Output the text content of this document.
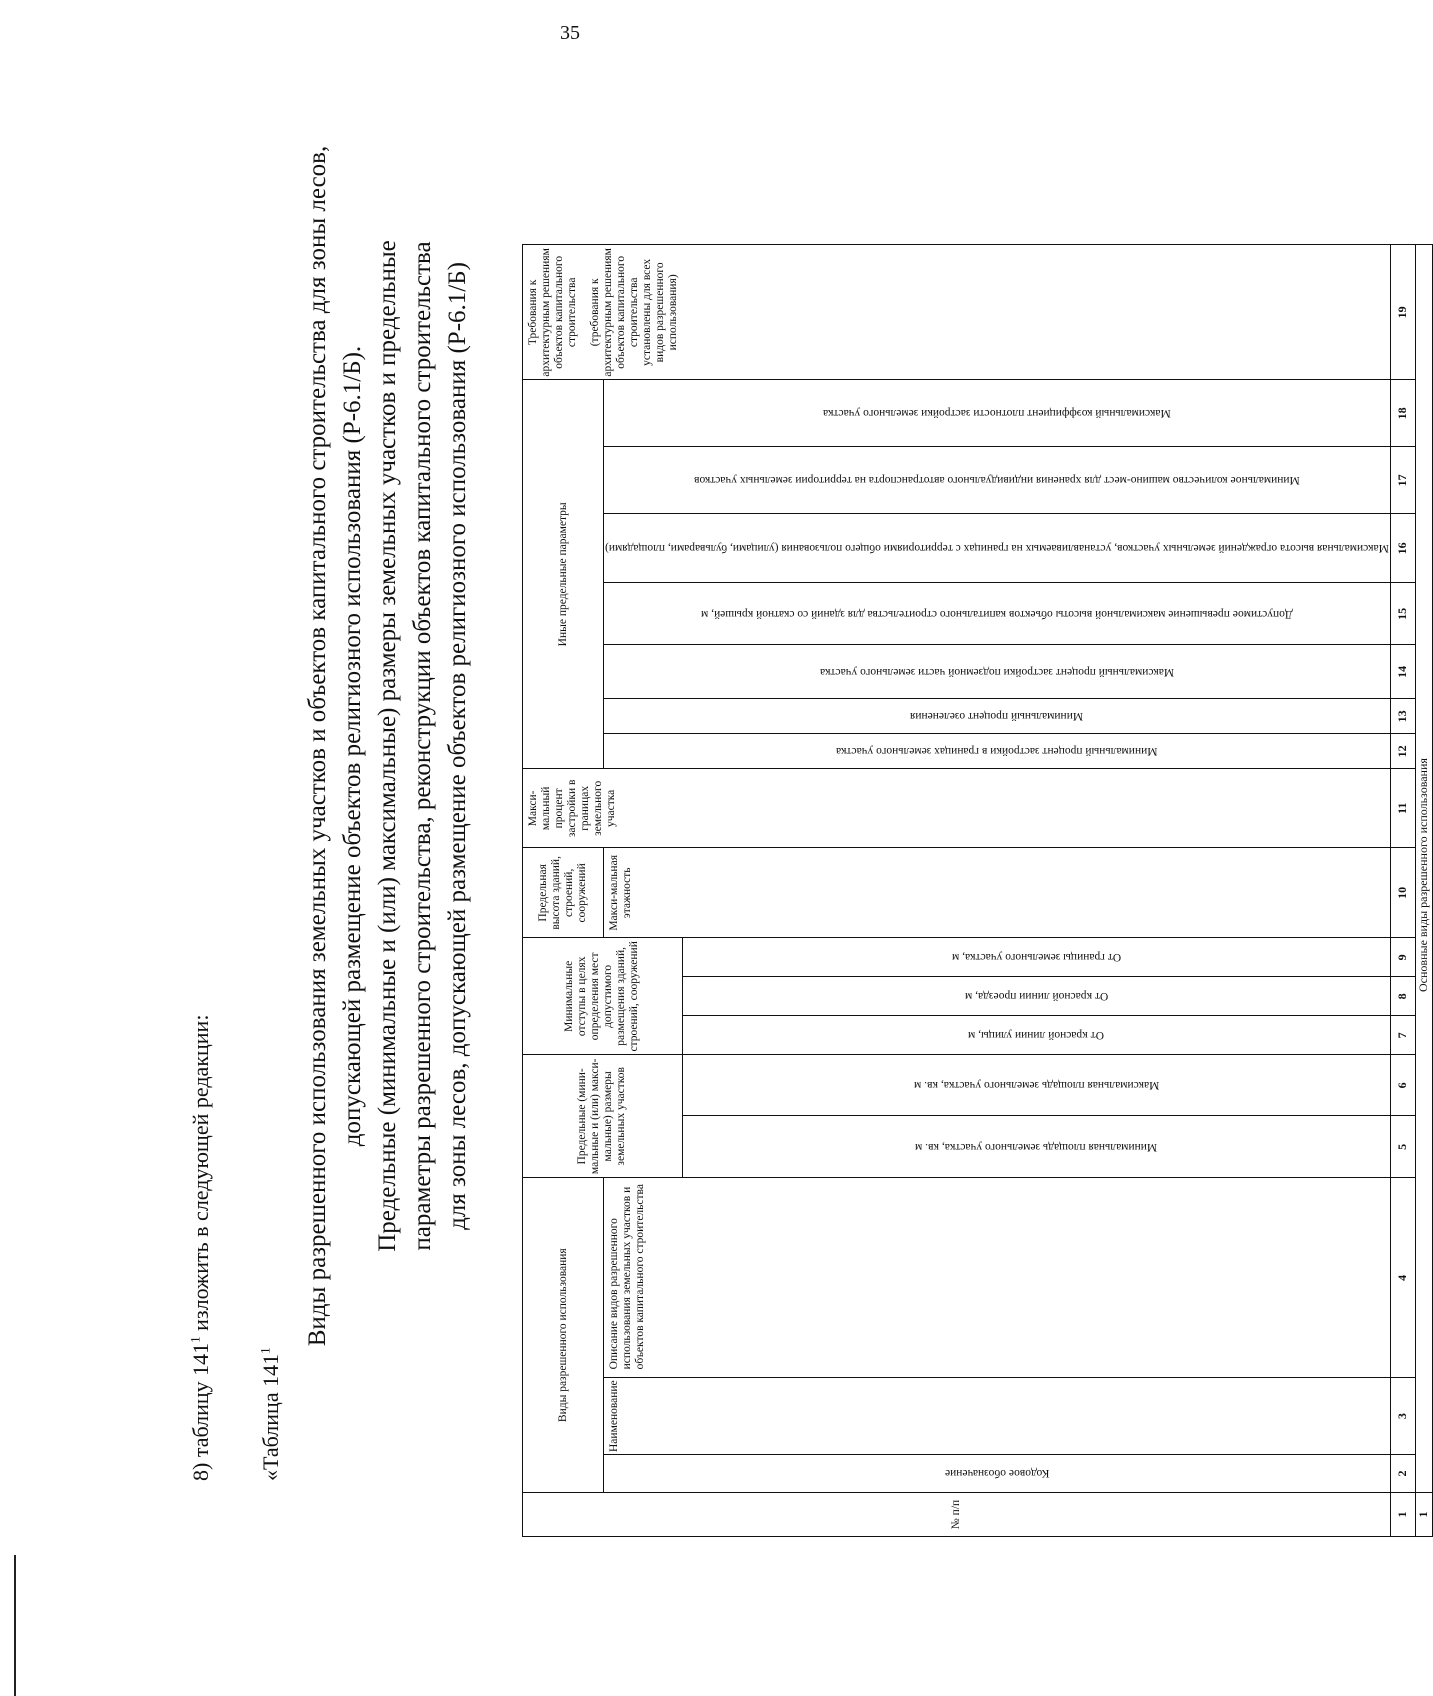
35
8) таблицу $141^1$ изложить в следующей редакции:
«Таблица $141^1$
Виды разрешенного использования земельных участков и объектов капитального строительства для зоны лесов, допускающей размещение объектов религиозного использования (Р-6.1/Б). Предельные (минимальные и (или) максимальные) размеры земельных участков и предельные параметры разрешенного строительства, реконструкции объектов капитального строительства для зоны лесов, допускающей размещение объектов религиозного использования (Р-6.1/Б)
№ п/п	Виды разрешенного использования			Предельные (мини-мальные и (или) макси-мальные) размеры земельных участков		Минимальные отступы в целях определения мест допустимого размещения зданий, строений, сооружений			Предельная высота зданий, строений, сооружений	Макси-мальный процент застройки в границах земельного участка	Иные предельные параметры							Требования к архитектурным решениям объектов капитального строительства (требования к архитектурным решениям объектов капитального строительства установлены для всех видов разрешенного использования)

	Кодовое обозначение	Наименование	Описание видов разрешенного использования земельных участков и объектов капитального строительства						Макси-мальная этажность		Минимальный процент застройки в границах земельного участка	Минимальный процент озеленения	Максимальный процент застройки подземной части земельного участка	Допустимое превышение максимальной высоты объектов капитального строительства для зданий со скатной крышей, м	Максимальная высота ограждений земельных участков, устанавливаемых на границах с территориями общего пользования (улицами, бульварами, площадями)	Минимальное количество машино-мест для хранения индивидуального автотранспорта на территории земельных участков	Максимальный коэффициент плотности застройки земельного участка	

				Минимальная площадь земельного участка, кв. м	Максимальная площадь земельного участка, кв. м	От красной линии улицы, м	От красной линии проезда, м	От границы земельного участка, м										

1	2	3	4	5	6	7	8	9	10	11	12	13	14	15	16	17	18	19
1	Основные виды разрешенного использования																	
